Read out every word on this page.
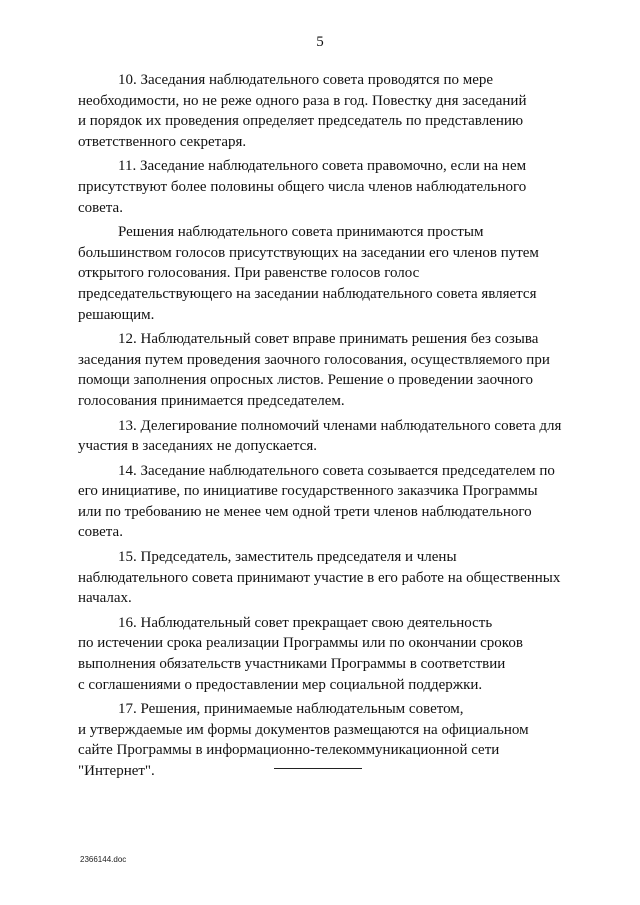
5

10. Заседания наблюдательного совета проводятся по мере
необходимости, но не реже одного раза в год. Повестку дня заседаний
и порядок их проведения определяет председатель по представлению
ответственного секретаря.

11. Заседание наблюдательного совета правомочно, если на нем
присутствуют более половины общего числа членов наблюдательного
совета.

Решения наблюдательного совета принимаются простым
большинством голосов присутствующих на заседании его членов путем
открытого голосования. При равенстве голосов голос
председательствующего на заседании наблюдательного совета является
решающим.

12. Наблюдательный совет вправе принимать решения без созыва
заседания путем проведения заочного голосования, осуществляемого при
помощи заполнения опросных листов. Решение о проведении заочного
голосования принимается председателем.

13. Делегирование полномочий членами наблюдательного совета для
участия в заседаниях не допускается.

14. Заседание наблюдательного совета созывается председателем по
его инициативе, по инициативе государственного заказчика Программы
или по требованию не менее чем одной трети членов наблюдательного
совета.

15. Председатель, заместитель председателя и члены
наблюдательного совета принимают участие в его работе на общественных
началах.

16. Наблюдательный совет прекращает свою деятельность
по истечении срока реализации Программы или по окончании сроков
выполнения обязательств участниками Программы в соответствии
с соглашениями о предоставлении мер социальной поддержки.

17. Решения, принимаемые наблюдательным советом,
и утверждаемые им формы документов размещаются на официальном
сайте Программы в информационно-телекоммуникационной сети
"Интернет".

2366144.doc
